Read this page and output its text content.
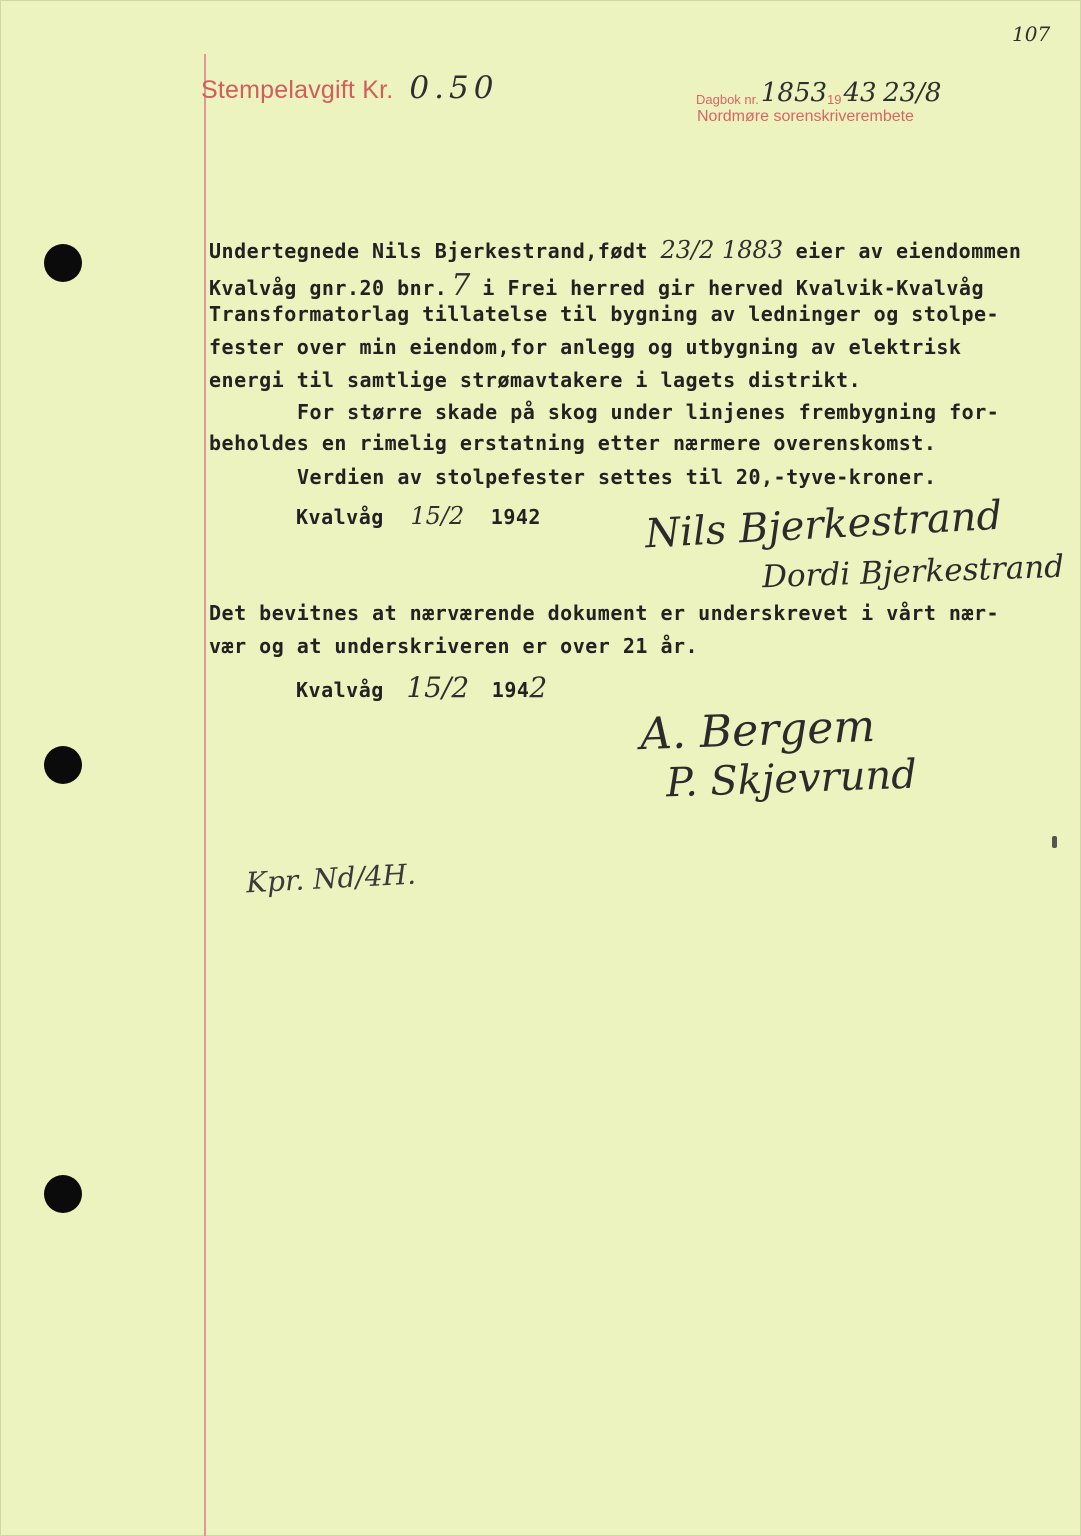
107
Stempelavgift Kr. 0.50	Dagbok nr.18531943 23/8
Nordmøre sorenskriverembete
Undertegnede Nils Bjerkestrand,født 23/2 1883 eier av eiendommen
Kvalvåg gnr.20 bnr. 7 i Frei herred gir herved Kvalvik-Kvalvåg
Transformatorlag tillatelse til bygning av ledninger og stolpe-
fester over min eiendom,for anlegg og utbygning av elektrisk
energi til samtlige strømavtakere i lagets distrikt.
For større skade på skog under linjenes frembygning for-
beholdes en rimelig erstatning etter nærmere overenskomst.
Verdien av stolpefester settes til 20,-tyve-kroner.
Kvalvåg 15/2 1942	Nils Bjerkestrand
Dordi Bjerkestrand
Det bevitnes at nærværende dokument er underskrevet i vårt nær-
vær og at underskriveren er over 21 år.
Kvalvåg 15/2 1942
A. Bergem
P. Skjevrund
Kpr. Nd/4H.
